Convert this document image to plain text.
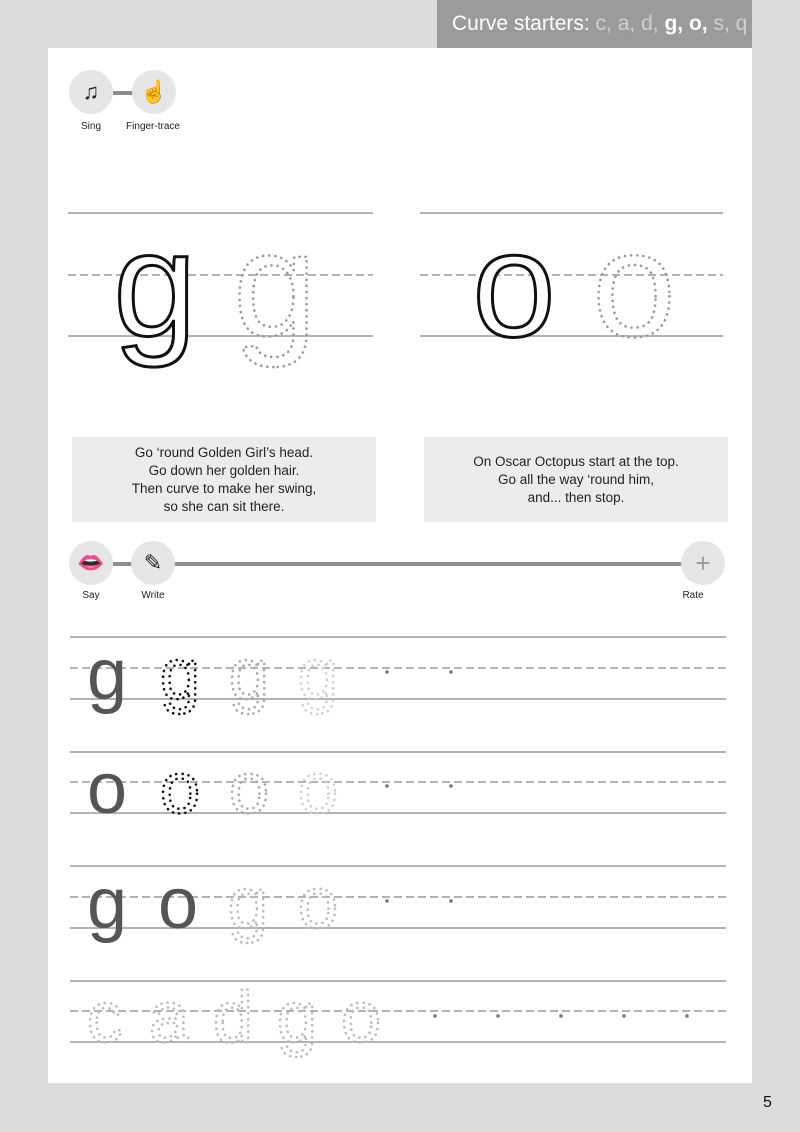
Curve starters: c, a, d, g, o, s, q
g g o o
g g g g
o o o o
g o g o
c a d g o
♫	☝
Sing	Finger-trace
Go ‘round Golden Girl’s head.
Go down her golden hair.
Then curve to make her swing,
so she can sit there.
On Oscar Octopus start at the top.
Go all the way ‘round him,
and... then stop.
👄	✎	+
Say	Write	Rate
5
